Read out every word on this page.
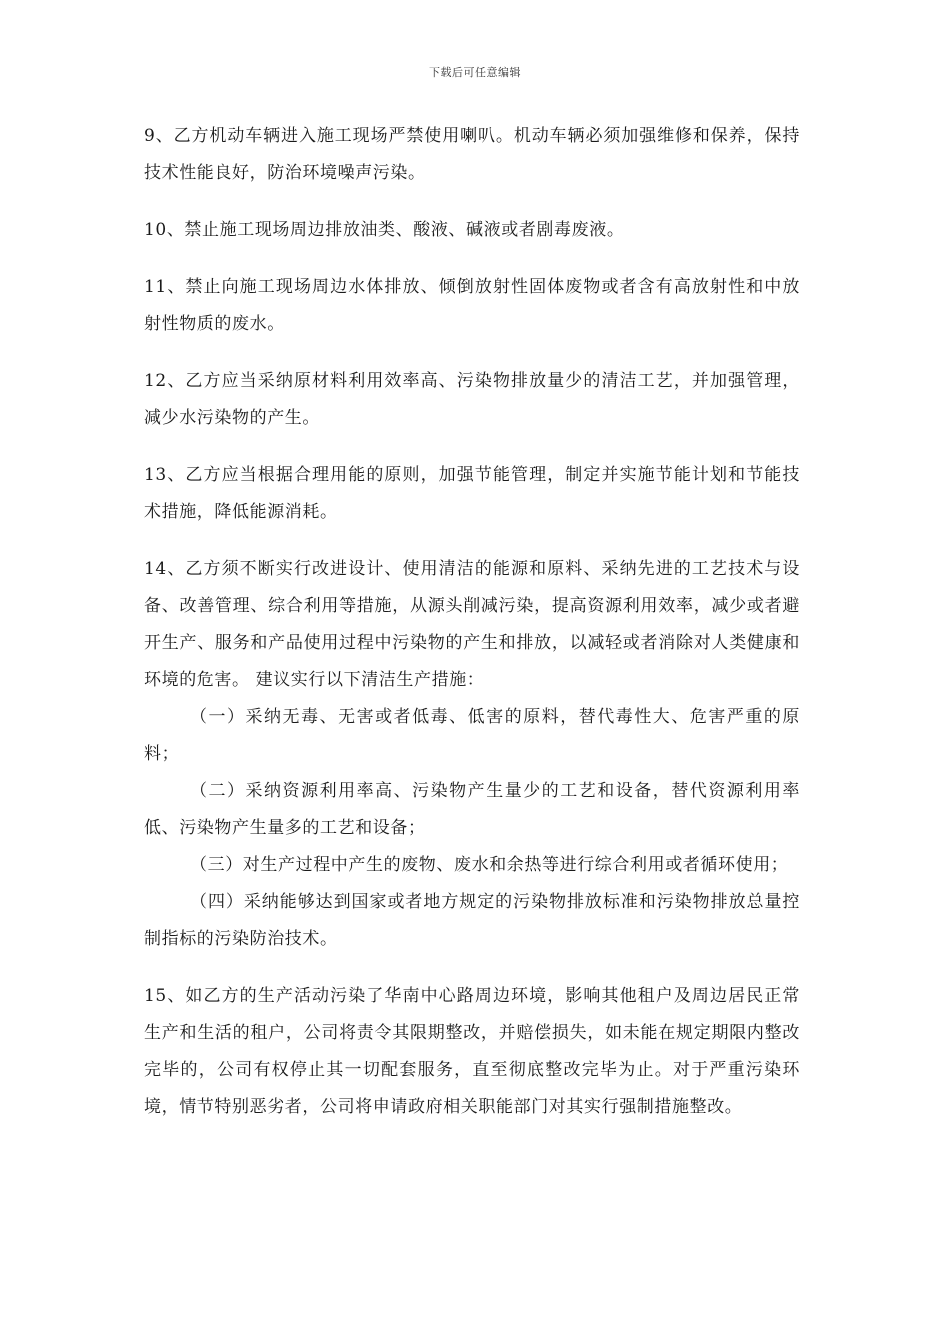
下载后可任意编辑

9、乙方机动车辆进入施工现场严禁使用喇叭。机动车辆必须加强维修和保养，保持技术性能良好，防治环境噪声污染。

10、禁止施工现场周边排放油类、酸液、碱液或者剧毒废液。

11、禁止向施工现场周边水体排放、倾倒放射性固体废物或者含有高放射性和中放射性物质的废水。

12、乙方应当采纳原材料利用效率高、污染物排放量少的清洁工艺，并加强管理，减少水污染物的产生。

13、乙方应当根据合理用能的原则，加强节能管理，制定并实施节能计划和节能技术措施，降低能源消耗。

14、乙方须不断实行改进设计、使用清洁的能源和原料、采纳先进的工艺技术与设备、改善管理、综合利用等措施，从源头削减污染，提高资源利用效率，减少或者避开生产、服务和产品使用过程中污染物的产生和排放，以减轻或者消除对人类健康和环境的危害。 建议实行以下清洁生产措施：

（一）采纳无毒、无害或者低毒、低害的原料，替代毒性大、危害严重的原料；

（二）采纳资源利用率高、污染物产生量少的工艺和设备，替代资源利用率低、污染物产生量多的工艺和设备；

（三）对生产过程中产生的废物、废水和余热等进行综合利用或者循环使用；

（四）采纳能够达到国家或者地方规定的污染物排放标准和污染物排放总量控制指标的污染防治技术。

15、如乙方的生产活动污染了华南中心路周边环境，影响其他租户及周边居民正常生产和生活的租户，公司将责令其限期整改，并赔偿损失，如未能在规定期限内整改完毕的，公司有权停止其一切配套服务，直至彻底整改完毕为止。对于严重污染环境，情节特别恶劣者，公司将申请政府相关职能部门对其实行强制措施整改。
